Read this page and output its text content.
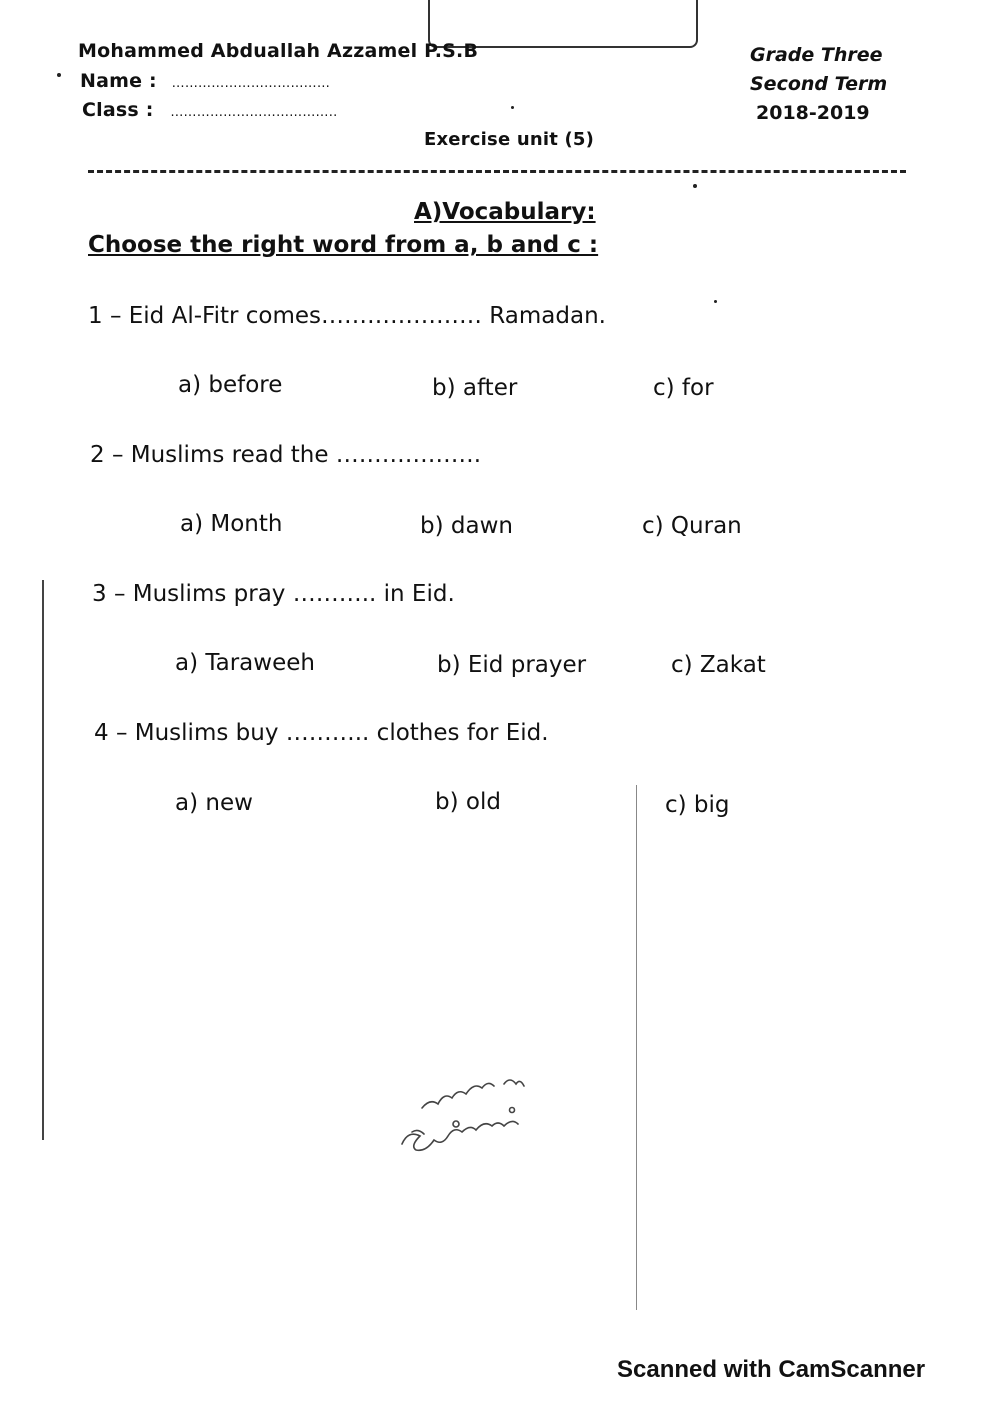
Mohammed Abduallah Azzamel P.S.B
Name : ………………………………
Class : ………………………………..
Grade Three
Second Term
2018-2019
Exercise unit (5)
A)Vocabulary:
Choose the right word from a, b and c :
1 – Eid Al-Fitr comes………………… Ramadan.
a) before	b) after	c) for
2 – Muslims read the ……………….
a) Month	b) dawn	c) Quran
3 – Muslims pray ……….. in Eid.
a) Taraweeh	b) Eid prayer	c) Zakat
4 – Muslims buy ……….. clothes for Eid.
a) new	b) old	c) big
Scanned with CamScanner
